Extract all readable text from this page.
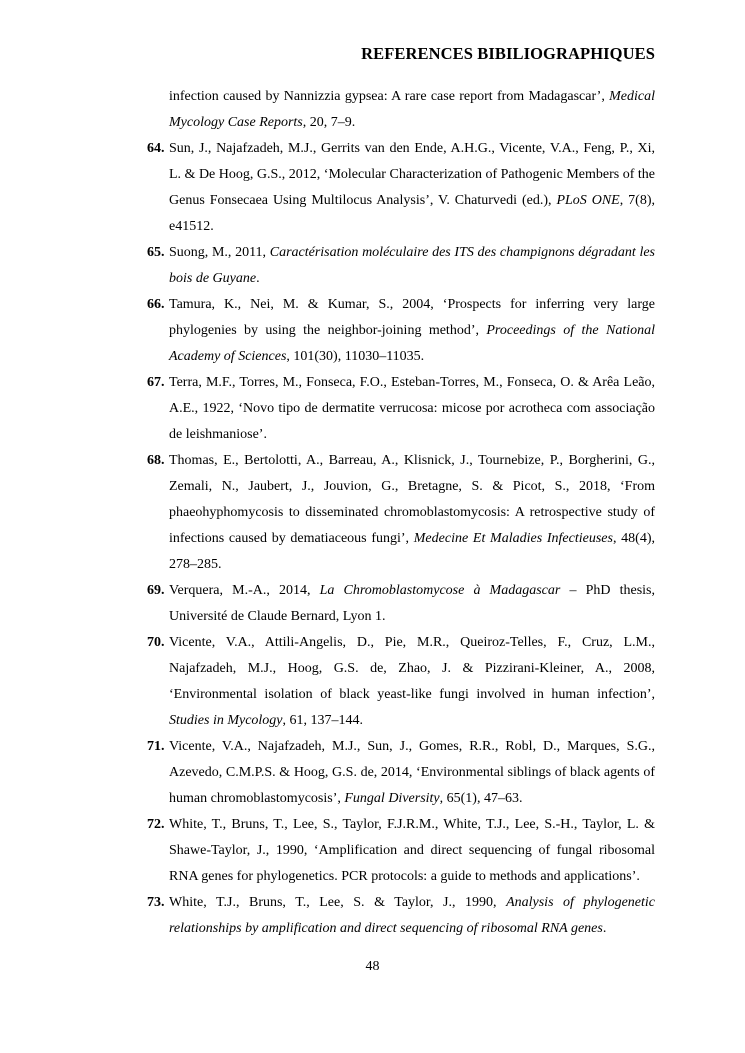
REFERENCES BIBILIOGRAPHIQUES
infection caused by Nannizzia gypsea: A rare case report from Madagascar’, Medical Mycology Case Reports, 20, 7–9.
64. Sun, J., Najafzadeh, M.J., Gerrits van den Ende, A.H.G., Vicente, V.A., Feng, P., Xi, L. & De Hoog, G.S., 2012, ‘Molecular Characterization of Pathogenic Members of the Genus Fonsecaea Using Multilocus Analysis’, V. Chaturvedi (ed.), PLoS ONE, 7(8), e41512.
65. Suong, M., 2011, Caractérisation moléculaire des ITS des champignons dégradant les bois de Guyane.
66. Tamura, K., Nei, M. & Kumar, S., 2004, ‘Prospects for inferring very large phylogenies by using the neighbor-joining method’, Proceedings of the National Academy of Sciences, 101(30), 11030–11035.
67. Terra, M.F., Torres, M., Fonseca, F.O., Esteban-Torres, M., Fonseca, O. & Arêa Leão, A.E., 1922, ‘Novo tipo de dermatite verrucosa: micose por acrotheca com associação de leishmaniose’.
68. Thomas, E., Bertolotti, A., Barreau, A., Klisnick, J., Tournebize, P., Borgherini, G., Zemali, N., Jaubert, J., Jouvion, G., Bretagne, S. & Picot, S., 2018, ‘From phaeohyphomycosis to disseminated chromoblastomycosis: A retrospective study of infections caused by dematiaceous fungi’, Medecine Et Maladies Infectieuses, 48(4), 278–285.
69. Verquera, M.-A., 2014, La Chromoblastomycose à Madagascar – PhD thesis, Université de Claude Bernard, Lyon 1.
70. Vicente, V.A., Attili-Angelis, D., Pie, M.R., Queiroz-Telles, F., Cruz, L.M., Najafzadeh, M.J., Hoog, G.S. de, Zhao, J. & Pizzirani-Kleiner, A., 2008, ‘Environmental isolation of black yeast-like fungi involved in human infection’, Studies in Mycology, 61, 137–144.
71. Vicente, V.A., Najafzadeh, M.J., Sun, J., Gomes, R.R., Robl, D., Marques, S.G., Azevedo, C.M.P.S. & Hoog, G.S. de, 2014, ‘Environmental siblings of black agents of human chromoblastomycosis’, Fungal Diversity, 65(1), 47–63.
72. White, T., Bruns, T., Lee, S., Taylor, F.J.R.M., White, T.J., Lee, S.-H., Taylor, L. & Shawe-Taylor, J., 1990, ‘Amplification and direct sequencing of fungal ribosomal RNA genes for phylogenetics. PCR protocols: a guide to methods and applications’.
73. White, T.J., Bruns, T., Lee, S. & Taylor, J., 1990, Analysis of phylogenetic relationships by amplification and direct sequencing of ribosomal RNA genes.
48
